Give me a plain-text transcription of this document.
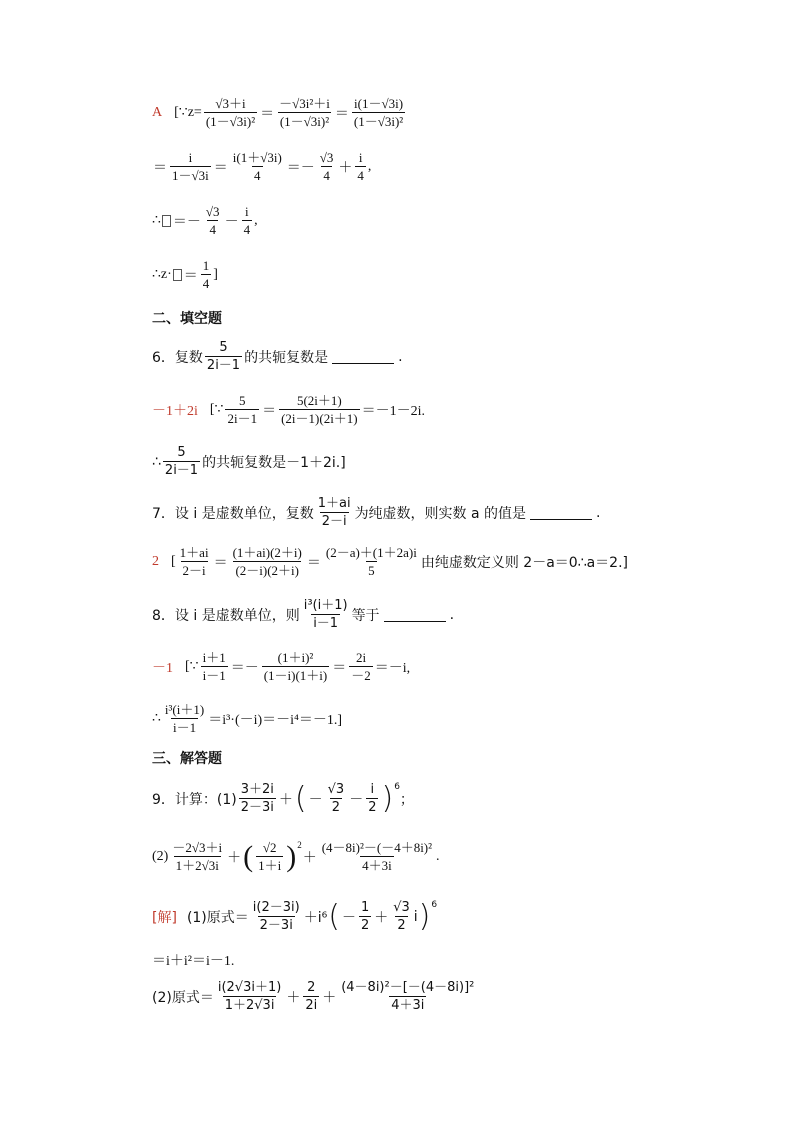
A [∵z= $\frac{√3+i}{\text{(1－√3i)²}} = \frac{\text{－√3i²＋i}}{\text{(1－√3i)²}} = \frac{i(1-√3i)}{\text{(1－√3i)²}}$
＝ $\frac{i}{1-√3i} = \frac{i(1+√3i)}{4} =- \frac{√3}{4} + \frac{i}{4}$ ,
∴ ＝－ $\frac{√3}{4} - \frac{i}{4}$ ,
∴z· ＝ $\frac{1}{4}$ ]
二、填空题
6．复数 $\frac{5}{2i-1}$ 的共轭复数是	.
－1＋2i [∵ $\frac{5}{2i-1} = \frac{5(2i+1)}{(2i-1)(2i+1)} =-1-2i$.
∴ $\frac{5}{2i-1}$ 的共轭复数是－1＋2i.]
7．设 i 是虚数单位，复数 $\frac{1+ai}{2-i}$ 为纯虚数，则实数 a 的值是	.
2 [ $\frac{1+ai}{2-i} = \frac{(1+ai)(2+i)}{(2-i)(2+i)} = \frac{(2-a)+(1+2a)i}{5}$ 由纯虚数定义则 2－a＝0∴a＝2.]
8．设 i 是虚数单位，则 $\frac{\text{i³(i＋1)}}{i-1}$ 等于	.
－1 [∵ $\frac{i+1}{i-1} =- \frac{\text{(1＋i)²}}{(1-i)(1+i)} = \frac{2i}{-2} =-i$,
∴ $\frac{\text{i³(i＋1)}}{i-1} =i^3\cdot(-i)=-i^4=-1$.]
三、解答题
9．计算：$(1) \frac{3+2i}{2-3i}$ ＋ ( － $\frac{√3}{2} - \frac{i}{2} )^6$
；
$(2) \frac{-2√3+i}{1+2√3i}$ ＋ ( $\frac{√2}{1+i} )^2$
＋ $\frac{\text{(4－8i)²－(－4＋8i)²}}{4+3i}$ .
[解] (1)原式＝ $\frac{i(2-3i)}{2-3i} +i^6$ ( － $\frac{1}{2} + \frac{√3}{2}$ i )$^6$
＝i＋i²＝i－1.
(2)原式＝ $\frac{i(2√3i+1)}{1+2√3i} + \frac{2}{2i} + \frac{\text{(4－8i)²－[－(4－8i)]²}}{4+3i}$
